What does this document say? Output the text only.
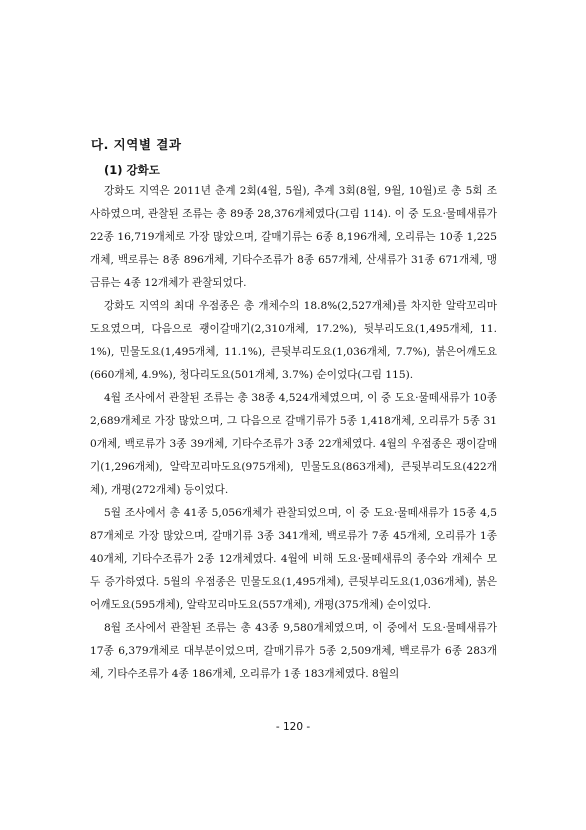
다. 지역별 결과
(1) 강화도

강화도 지역은 2011년 춘계 2회(4월, 5월), 추계 3회(8월, 9월, 10월)로 총 5회 조사하였으며, 관찰된 조류는 총 89종 28,376개체였다(그림 114). 이 중 도요·물떼새류가 22종 16,719개체로 가장 많았으며, 갈매기류는 6종 8,196개체, 오리류는 10종 1,225개체, 백로류는 8종 896개체, 기타수조류가 8종 657개체, 산새류가 31종 671개체, 맹금류는 4종 12개체가 관찰되었다.

강화도 지역의 최대 우점종은 총 개체수의 18.8%(2,527개체)를 차지한 알락꼬리마도요였으며, 다음으로 괭이갈매기(2,310개체, 17.2%), 뒷부리도요(1,495개체, 11.1%), 민물도요(1,495개체, 11.1%), 큰뒷부리도요(1,036개체, 7.7%), 붉은어깨도요(660개체, 4.9%), 청다리도요(501개체, 3.7%) 순이었다(그림 115).

4월 조사에서 관찰된 조류는 총 38종 4,524개체였으며, 이 중 도요·물떼새류가 10종 2,689개체로 가장 많았으며, 그 다음으로 갈매기류가 5종 1,418개체, 오리류가 5종 310개체, 백로류가 3종 39개체, 기타수조류가 3종 22개체였다. 4월의 우점종은 괭이갈매기(1,296개체), 알락꼬리마도요(975개체), 민물도요(863개체), 큰뒷부리도요(422개체), 개평(272개체) 등이었다.

5월 조사에서 총 41종 5,056개체가 관찰되었으며, 이 중 도요·물떼새류가 15종 4,587개체로 가장 많았으며, 갈매기류 3종 341개체, 백로류가 7종 45개체, 오리류가 1종 40개체, 기타수조류가 2종 12개체였다. 4월에 비해 도요·물떼새류의 종수와 개체수 모두 증가하였다. 5월의 우점종은 민물도요(1,495개체), 큰뒷부리도요(1,036개체), 붉은어깨도요(595개체), 알락꼬리마도요(557개체), 개평(375개체) 순이었다.

8월 조사에서 관찰된 조류는 총 43종 9,580개체였으며, 이 중에서 도요·물떼새류가 17종 6,379개체로 대부분이었으며, 갈매기류가 5종 2,509개체, 백로류가 6종 283개체, 기타수조류가 4종 186개체, 오리류가 1종 183개체였다. 8월의

- 120 -
